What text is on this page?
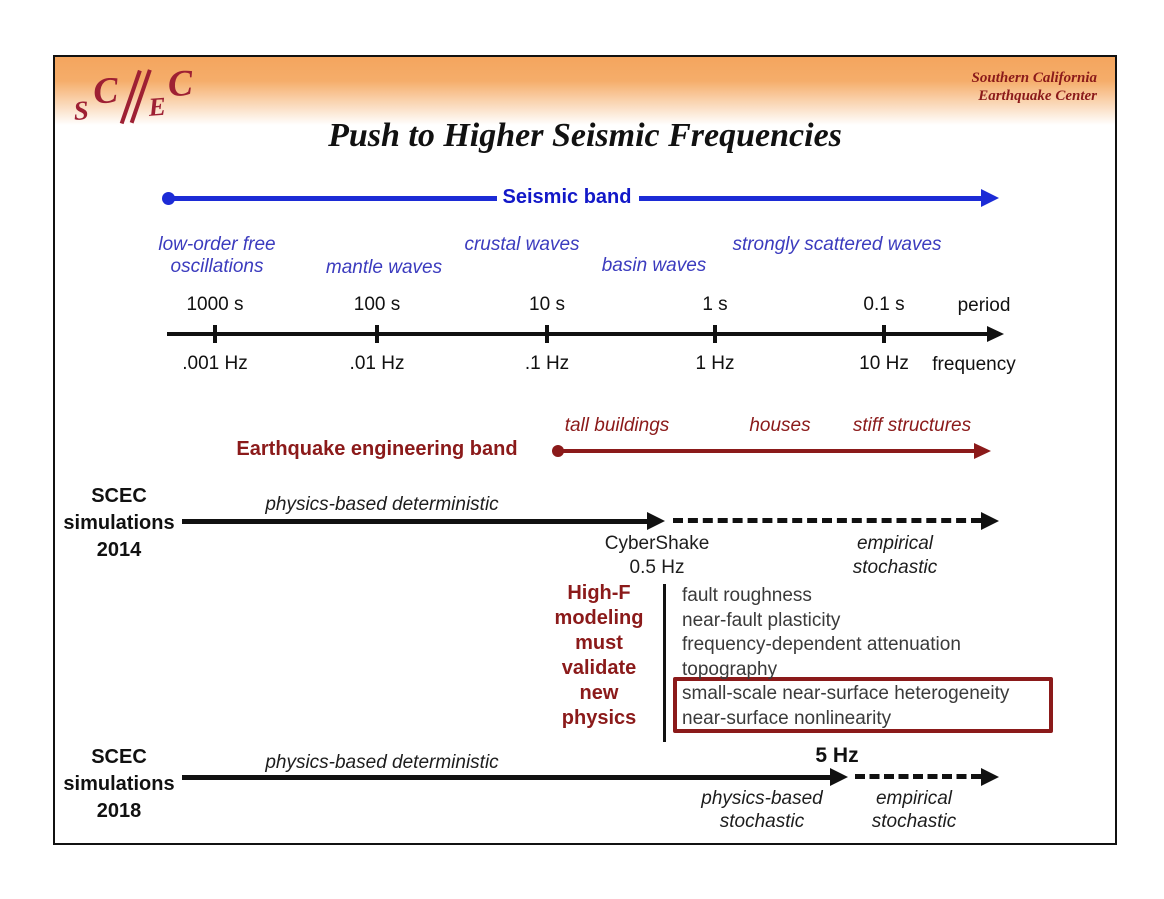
S C E
C	Southern California
Earthquake Center
Push to Higher Seismic Frequencies
Seismic band
low-order free
oscillations	mantle waves
crustal waves
basin waves
strongly scattered waves
1000 s	100 s	10 s	1 s	0.1 s	period
.001 Hz	.01 Hz	.1 Hz	1 Hz	10 Hz frequency
tall buildings	houses stiff structures
Earthquake engineering band
SCEC
simulations
2014
physics-based deterministic
CyberShake
0.5 Hz
empirical
stochastic
High-F
modeling
must
validate
new
physics
fault roughness
near-fault plasticity
frequency-dependent attenuation
topography
small-scale near-surface heterogeneity
near-surface nonlinearity
5 Hz
SCEC
simulations
2018
physics-based deterministic
physics-based
stochastic
empirical
stochastic
